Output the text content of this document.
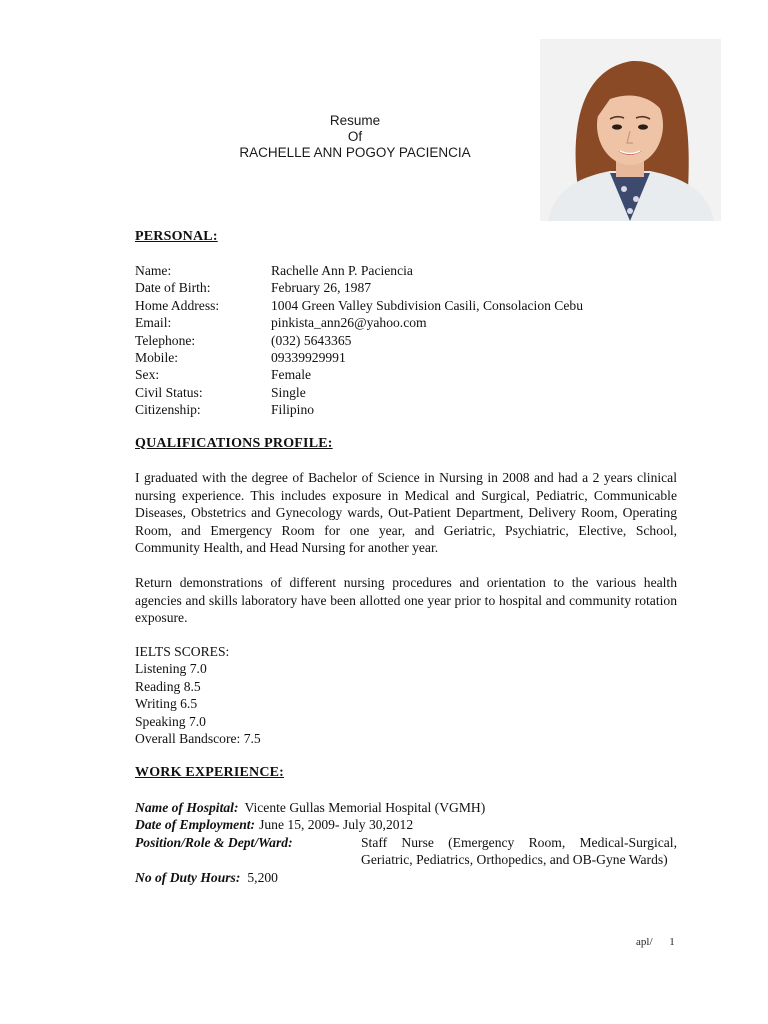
Resume
Of
RACHELLE ANN POGOY PACIENCIA
PERSONAL:
Name:	Rachelle Ann P. Paciencia
Date of Birth:	February 26, 1987
Home Address:	1004 Green Valley Subdivision Casili, Consolacion Cebu
Email:	pinkista_ann26@yahoo.com
Telephone:	(032) 5643365
Mobile:	09339929991
Sex:	Female
Civil Status:	Single
Citizenship:	Filipino
QUALIFICATIONS PROFILE:

I graduated with the degree of Bachelor of Science in Nursing in 2008 and had a 2 years clinical nursing experience. This includes exposure in Medical and Surgical, Pediatric, Communicable Diseases, Obstetrics and Gynecology wards, Out-Patient Department, Delivery Room, Operating Room, and Emergency Room for one year, and Geriatric, Psychiatric, Elective, School, Community Health, and Head Nursing for another year.

Return demonstrations of different nursing procedures and orientation to the various health agencies and skills laboratory have been allotted one year prior to hospital and community rotation exposure.

IELTS SCORES:
Listening 7.0
Reading 8.5
Writing 6.5
Speaking 7.0
Overall Bandscore: 7.5
WORK EXPERIENCE:
Name of Hospital: Vicente Gullas Memorial Hospital (VGMH)
Date of Employment: June 15, 2009- July 30,2012
Position/Role & Dept/Ward:	Staff Nurse (Emergency Room, Medical-Surgical, Geriatric, Pediatrics, Orthopedics, and OB-Gyne Wards)
No of Duty Hours: 5,200
apl/ 1
